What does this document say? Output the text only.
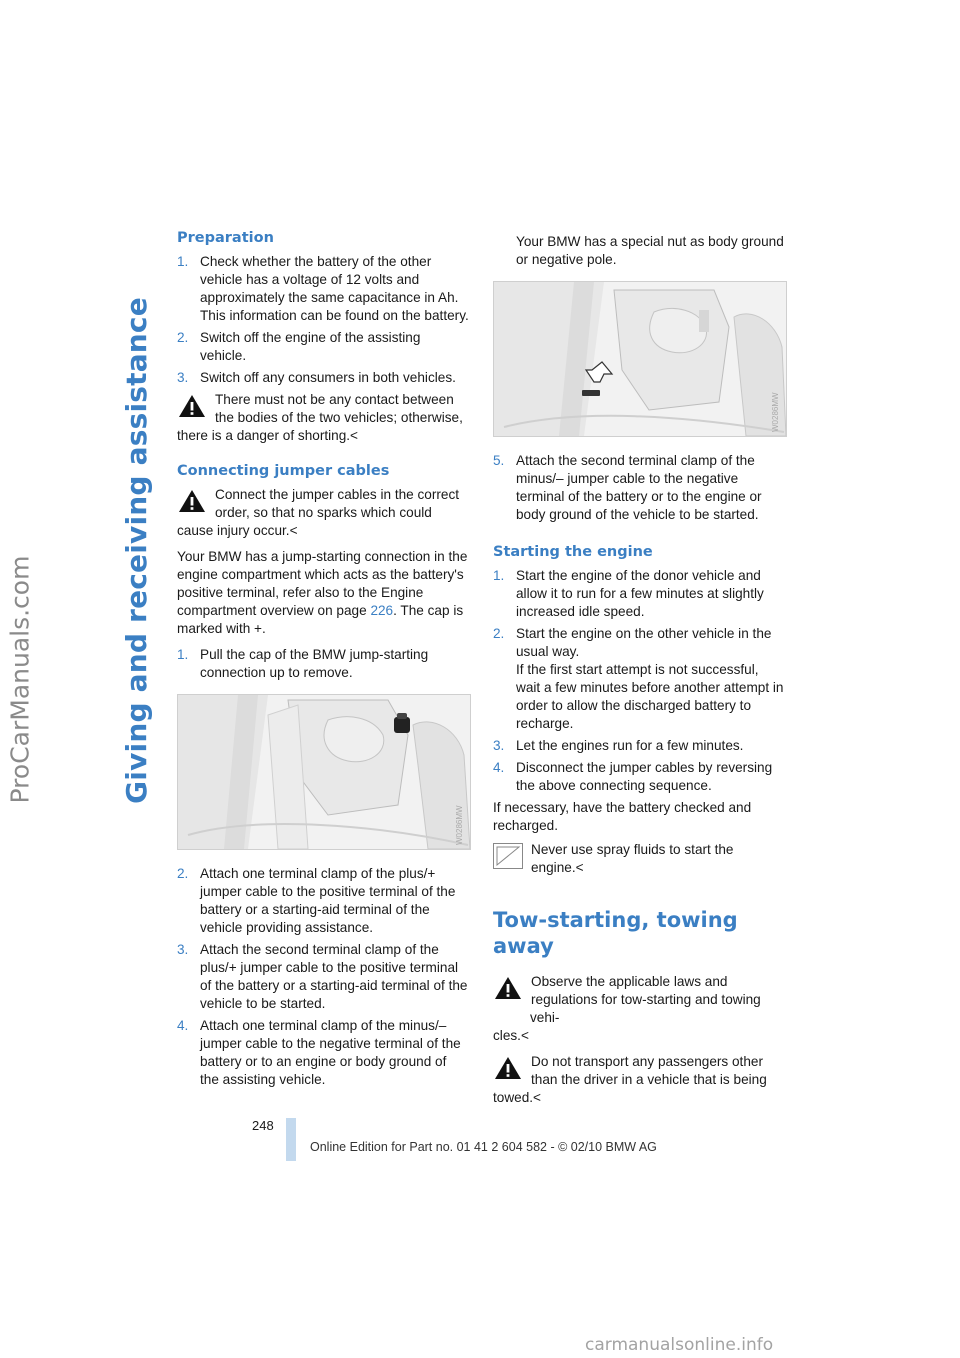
ProCarManuals.com	Giving and receiving assistance
Preparation
1. Check whether the battery of the other vehicle has a voltage of 12 volts and approximately the same capacitance in Ah. This information can be found on the battery.
2. Switch off the engine of the assisting vehicle.
3. Switch off any consumers in both vehicles.
There must not be any contact between the bodies of the two vehicles; otherwise,
there is a danger of shorting.<
Connecting jumper cables
Connect the jumper cables in the correct order, so that no sparks which could
cause injury occur.<

Your BMW has a jump-starting connection in the engine compartment which acts as the battery's positive terminal, refer also to the Engine compartment overview on page 226. The cap is marked with +.

1. Pull the cap of the BMW jump-starting connection up to remove.
W0286MW
2. Attach one terminal clamp of the plus/+ jumper cable to the positive terminal of the battery or a starting-aid terminal of the vehicle providing assistance.
3. Attach the second terminal clamp of the plus/+ jumper cable to the positive terminal of the battery or a starting-aid terminal of the vehicle to be started.
4. Attach one terminal clamp of the minus/– jumper cable to the negative terminal of the battery or to an engine or body ground of the assisting vehicle.

Your BMW has a special nut as body ground or negative pole.

W0286MW
5. Attach the second terminal clamp of the minus/– jumper cable to the negative terminal of the battery or to the engine or body ground of the vehicle to be started.
Starting the engine
1. Start the engine of the donor vehicle and allow it to run for a few minutes at slightly increased idle speed.
2. Start the engine on the other vehicle in the usual way.
If the first start attempt is not successful, wait a few minutes before another attempt in order to allow the discharged battery to recharge.
3. Let the engines run for a few minutes.
4. Disconnect the jumper cables by reversing the above connecting sequence.

If necessary, have the battery checked and recharged.

Never use spray fluids to start the
engine.<
Tow-starting, towing away
Observe the applicable laws and regulations for tow-starting and towing vehi-
cles.<
Do not transport any passengers other than the driver in a vehicle that is being
towed.<
248
Online Edition for Part no. 01 41 2 604 582 - © 02/10 BMW AG
carmanualsonline.info
